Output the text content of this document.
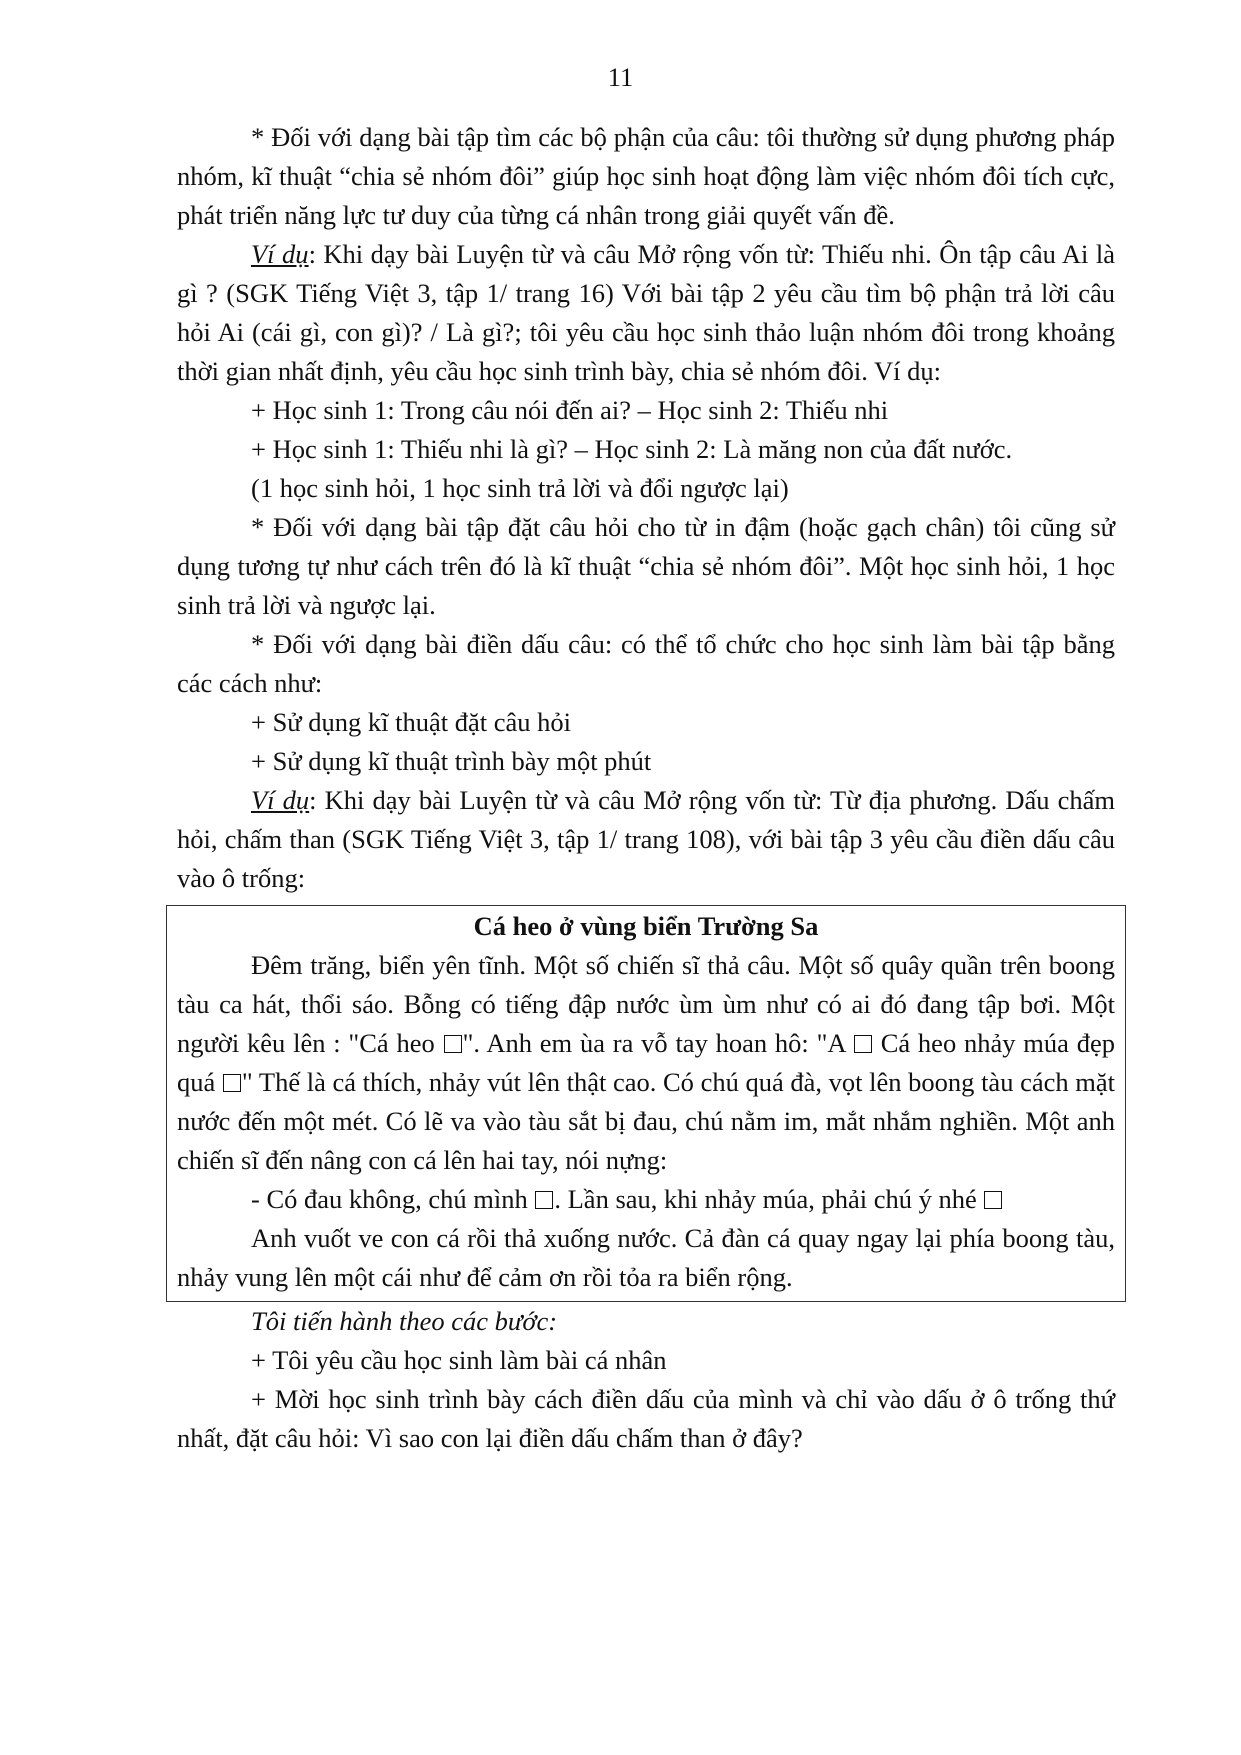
11

* Đối với dạng bài tập tìm các bộ phận của câu: tôi thường sử dụng phương pháp nhóm, kĩ thuật “chia sẻ nhóm đôi” giúp học sinh hoạt động làm việc nhóm đôi tích cực, phát triển năng lực tư duy của từng cá nhân trong giải quyết vấn đề.

Ví dụ: Khi dạy bài Luyện từ và câu Mở rộng vốn từ: Thiếu nhi. Ôn tập câu Ai là gì ? (SGK Tiếng Việt 3, tập 1/ trang 16) Với bài tập 2 yêu cầu tìm bộ phận trả lời câu hỏi Ai (cái gì, con gì)? / Là gì?; tôi yêu cầu học sinh thảo luận nhóm đôi trong khoảng thời gian nhất định, yêu cầu học sinh trình bày, chia sẻ nhóm đôi. Ví dụ:

+ Học sinh 1: Trong câu nói đến ai? – Học sinh 2: Thiếu nhi

+ Học sinh 1: Thiếu nhi là gì? – Học sinh 2: Là măng non của đất nước.

(1 học sinh hỏi, 1 học sinh trả lời và đổi ngược lại)

* Đối với dạng bài tập đặt câu hỏi cho từ in đậm (hoặc gạch chân) tôi cũng sử dụng tương tự như cách trên đó là kĩ thuật “chia sẻ nhóm đôi”. Một học sinh hỏi, 1 học sinh trả lời và ngược lại.

* Đối với dạng bài điền dấu câu: có thể tổ chức cho học sinh làm bài tập bằng các cách như:

+ Sử dụng kĩ thuật đặt câu hỏi

+ Sử dụng kĩ thuật trình bày một phút

Ví dụ: Khi dạy bài Luyện từ và câu Mở rộng vốn từ: Từ địa phương. Dấu chấm hỏi, chấm than (SGK Tiếng Việt 3, tập 1/ trang 108), với bài tập 3 yêu cầu điền dấu câu vào ô trống:

Cá heo ở vùng biển Trường Sa

Đêm trăng, biển yên tĩnh. Một số chiến sĩ thả câu. Một số quây quần trên boong tàu ca hát, thổi sáo. Bỗng có tiếng đập nước ùm ùm như có ai đó đang tập bơi. Một người kêu lên : "Cá heo ". Anh em ùa ra vỗ tay hoan hô: "A  Cá heo nhảy múa đẹp quá " Thế là cá thích, nhảy vút lên thật cao. Có chú quá đà, vọt lên boong tàu cách mặt nước đến một mét. Có lẽ va vào tàu sắt bị đau, chú nằm im, mắt nhắm nghiền. Một anh chiến sĩ đến nâng con cá lên hai tay, nói nựng:

- Có đau không, chú mình . Lần sau, khi nhảy múa, phải chú ý nhé

Anh vuốt ve con cá rồi thả xuống nước. Cả đàn cá quay ngay lại phía boong tàu, nhảy vung lên một cái như để cảm ơn rồi tỏa ra biển rộng.

Tôi tiến hành theo các bước:

+ Tôi yêu cầu học sinh làm bài cá nhân

+ Mời học sinh trình bày cách điền dấu của mình và chỉ vào dấu ở ô trống thứ nhất, đặt câu hỏi: Vì sao con lại điền dấu chấm than ở đây?
